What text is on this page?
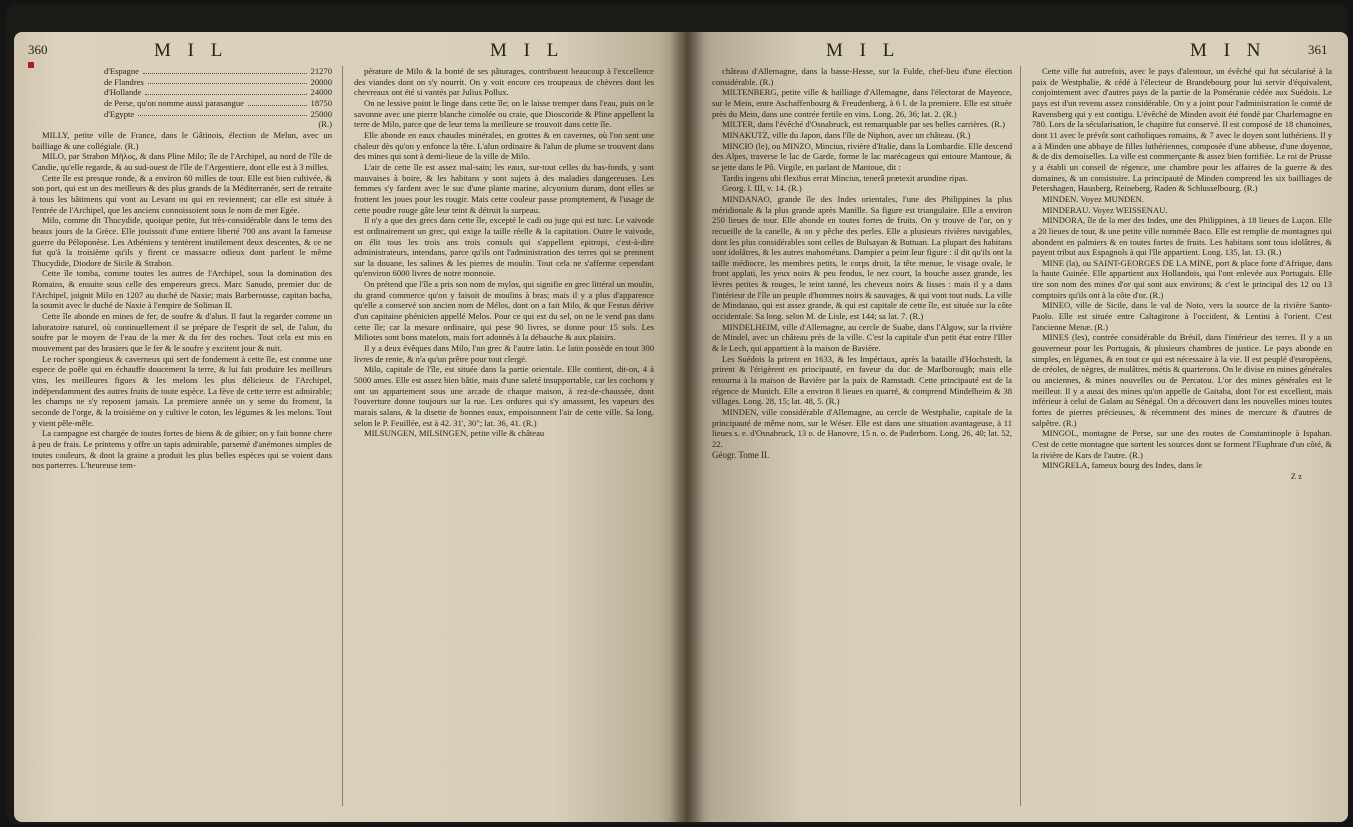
360	M I L	M I L
d'Espagne	21270
de Flandres	20000
d'Hollande	24000
de Perse, qu'on nomme aussi parasangue	18750
d'Egypte	25000
(R.)

MILLY, petite ville de France, dans le Gâtinois, élection de Melun, avec un bailliage & une collégiale. (R.)

MILO, par Strabon Μῆλος, & dans Pline Milo; île de l'Archipel, au nord de l'île de Candie, qu'elle regarde, & au sud-ouest de l'île de l'Argentiere, dont elle est à 3 milles.

Cette île est presque ronde, & a environ 60 milles de tour. Elle est bien cultivée, & son port, qui est un des meilleurs & des plus grands de la Méditerranée, sert de retraite à tous les bâtimens qui vont au Levant ou qui en reviennent; car elle est située à l'entrée de l'Archipel, que les anciens connoissoient sous le nom de mer Egée.

Milo, comme dit Thucydide, quoique petite, fut très-considérable dans le tems des beaux jours de la Grèce. Elle jouissoit d'une entiere liberté 700 ans avant la fameuse guerre du Péloponèse. Les Athéniens y tentèrent inutilement deux descentes, & ce ne fut qu'à la troisième qu'ils y firent ce massacre odieux dont parlent le même Thucydide, Diodore de Sicile & Strabon.

Cette île tomba, comme toutes les autres de l'Archipel, sous la domination des Romains, & ensuite sous celle des empereurs grecs. Marc Sanudo, premier duc de l'Archipel, joignit Milo en 1207 au duché de Naxie; mais Barberousse, capitan bacha, la soumit avec le duché de Naxie à l'empire de Soliman II.

Cette île abonde en mines de fer, de soufre & d'alun. Il faut la regarder comme un laboratoire naturel, où continuellement il se prépare de l'esprit de sel, de l'alun, du soufre par le moyen de l'eau de la mer & du fer des roches. Tout cela est mis en mouvement par des brasiers que le fer & le soufre y excitent jour & nuit.

Le rocher spongieux & caverneux qui sert de fondement à cette île, est comme une espece de poêle qui en échauffe doucement la terre, & lui fait produire les meilleurs vins, les meilleures figues & les melons les plus délicieux de l'Archipel, indépendamment des autres fruits de toute espèce. La fève de cette terre est admirable; les champs ne s'y reposent jamais. La premiere année on y seme du froment, la seconde de l'orge, & la troisième on y cultive le coton, les légumes & les melons. Tout y vient pêle-mêle.

La campagne est chargée de toutes fortes de biens & de gibier; on y fait bonne chere à peu de frais. Le printems y offre un tapis admirable, parsemé d'anémones simples de toutes couleurs, & dont la graine a produit les plus belles espèces qui se voient dans nos parterres. L'heureuse tem-

pérature de Milo & la bonté de ses pâturages, contribuent beaucoup à l'excellence des viandes dont on s'y nourrit. On y voit encore ces troupeaux de chèvres dont les chevreaux ont été si vantés par Julius Pollux.

On ne lessive point le linge dans cette île; on le laisse tremper dans l'eau, puis on le savonne avec une pierre blanche cimolée ou craie, que Dioscoride & Pline appellent la terre de Milo, parce que de leur tems la meilleure se trouvoit dans cette île.

Elle abonde en eaux chaudes minérales, en grottes & en cavernes, où l'on sent une chaleur dès qu'on y enfonce la tête. L'alun ordinaire & l'alun de plume se trouvent dans des mines qui sont à demi-lieue de la ville de Milo.

L'air de cette île est assez mal-sain; les eaux, sur-tout celles du bas-fonds, y sont mauvaises à boire, & les habitans y sont sujets à des maladies dangereuses. Les femmes s'y fardent avec le suc d'une plante marine, alcyonium durum, dont elles se frottent les joues pour les rougir. Mais cette couleur passe promptement, & l'usage de cette poudre rouge gâte leur teint & détruit la surpeau.

Il n'y a que des grecs dans cette île, excepté le cadi ou juge qui est turc. Le vaivode est ordinairement un grec, qui exige la taille réelle & la capitation. Outre le vaivode, on élit tous les trois ans trois consuls qui s'appellent epitropi, c'est-à-dire administrateurs, intendans, parce qu'ils ont l'administration des terres qui se prennent sur la douane, les salines & les pierres de moulin. Tout cela ne s'afferme cependant qu'environ 6000 livres de notre monnoie.

On prétend que l'île a pris son nom de mylos, qui signifie en grec littéral un moulin, du grand commerce qu'on y faisoit de moulins à bras; mais il y a plus d'apparence qu'elle a conservé son ancien nom de Mélos, dont on a fait Milo, & que Festus dérive d'un capitaine phénicien appellé Melos. Pour ce qui est du sel, on ne le vend pas dans cette île; car la mesure ordinaire, qui pese 90 livres, se donne pour 15 sols. Les Miliotes sont bons matelots, mais fort adonnés à la débauche & aux plaisirs.

Il y a deux évêques dans Milo, l'un grec & l'autre latin. Le latin possède en tout 300 livres de rente, & n'a qu'un prêtre pour tout clergé.

Milo, capitale de l'île, est située dans la partie orientale. Elle contient, dit-on, 4 à 5000 ames. Elle est assez bien bâtie, mais d'une saleté insupportable, car les cochons y ont un appartement sous une arcade de chaque maison, à rez-de-chaussée, dont l'ouverture donne toujours sur la rue. Les ordures qui s'y amassent, les vapeurs des marais salans, & la disette de bonnes eaux, empoisonnent l'air de cette ville. Sa long. selon le P. Feuillée, est à 42. 31', 30"; lat. 36, 41. (R.)

MILSUNGEN, MILSINGEN, petite ville & château

M I L	M I N	361

château d'Allemagne, dans la basse-Hesse, sur la Fulde, chef-lieu d'une élection considérable. (R.)

MILTENBERG, petite ville & bailliage d'Allemagne, dans l'électorat de Mayence, sur le Mein, entre Aschaffenbourg & Freudenberg, à 6 l. de la premiere. Elle est située près du Mein, dans une contrée fertile en vins. Long. 26, 36; lat. 2. (R.)

MILTER, dans l'évêché d'Osnabruck, est remarquable par ses belles carrières. (R.)

MINAKUTZ, ville du Japon, dans l'île de Niphon, avec un château. (R.)

MINCIO (le), ou MINZO, Mincius, rivière d'Italie, dans la Lombardie. Elle descend des Alpes, traverse le lac de Garde, forme le lac marécageux qui entoure Mantoue, & se jette dans le Pô. Virgile, en parlant de Mantoue, dit :

Tardis ingens ubi flexibus errat Mincius, tenerâ prætexit arundine ripas.

Georg. l. III, v. 14. (R.)

MINDANAO, grande île des Indes orientales, l'une des Philippines la plus méridionale & la plus grande après Manille. Sa figure est triangulaire. Elle a environ 250 lieues de tour. Elle abonde en toutes fortes de fruits. On y trouve de l'or, on y recueille de la canelle, & on y pêche des perles. Elle a plusieurs rivières navigables, dont les plus considérables sont celles de Bulsayan & Buttuan. La plupart des habitans sont idolâtres, & les autres mahométans. Dampier a peint leur figure : il dit qu'ils ont la taille médiocre, les membres petits, le corps droit, la tête menue, le visage ovale, le front applati, les yeux noirs & peu fendus, le nez court, la bouche assez grande, les lèvres petites & rouges, le teint tanné, les cheveux noirs & lisses : mais il y a dans l'intérieur de l'île un peuple d'hommes noirs & sauvages, & qui vont tout nuds. La ville de Mindanao, qui est assez grande, & qui est capitale de cette île, est située sur la côte occidentale. Sa long. selon M. de Lisle, est 144; sa lat. 7. (R.)

MINDELHEIM, ville d'Allemagne, au cercle de Suabe, dans l'Algow, sur la rivière de Mindel, avec un château près de la ville. C'est la capitale d'un petit état entre l'Iller & le Lech, qui appartient à la maison de Bavière.

Les Suédois la prirent en 1633, & les Impériaux, après la bataille d'Hochstedt, la prirent & l'érigèrent en principauté, en faveur du duc de Marlborough; mais elle retourna à la maison de Bavière par la paix de Ramstadt. Cette principauté est de la régence de Munich. Elle a environ 8 lieues en quarré, & comprend Mindelheim & 38 villages. Long. 28, 15; lat. 48, 5. (R.)

MINDEN, ville considérable d'Allemagne, au cercle de Westphalie, capitale de la principauté de même nom, sur le Wéser. Elle est dans une situation avantageuse, à 11 lieues s. e. d'Osnabruck, 13 o. de Hanovre, 15 n. o. de Paderborn. Long. 26, 40; lat. 52, 22.

Géogr. Tome II.

Cette ville fut autrefois, avec le pays d'alentour, un évêché qui fut sécularisé à la paix de Westphalie, & cédé à l'électeur de Brandebourg pour lui servir d'équivalent, conjointement avec d'autres pays de la partie de la Poméranie cédée aux Suédois. Le pays est d'un revenu assez considérable. On y a joint pour l'administration le comté de Ravensberg qui y est contigu. L'évêché de Minden avoit été fondé par Charlemagne en 780. Lors de la sécularisation, le chapitre fut conservé. Il est composé de 18 chanoines, dont 11 avec le prévôt sont catholiques romains, & 7 avec le doyen sont luthériens. Il y a à Minden une abbaye de filles luthériennes, composée d'une abbesse, d'une doyenne, & de dix demoiselles. La ville est commerçante & assez bien fortifiée. Le roi de Prusse y a établi un conseil de régence, une chambre pour les affaires de la guerre & des domaines, & un consistoire. La principauté de Minden comprend les six bailliages de Petershagen, Hausberg, Reineberg, Raden & Schlusselbourg. (R.)

MINDEN. Voyez MUNDEN.

MINDERAU. Voyez WEISSENAU.

MINDORA, île de la mer des Indes, une des Philippines, à 18 lieues de Luçon. Elle a 20 lieues de tour, & une petite ville nommée Baco. Elle est remplie de montagnes qui abondent en palmiers & en toutes fortes de fruits. Les habitans sont tous idolâtres, & payent tribut aux Espagnols à qui l'île appartient. Long. 135, lat. 13. (R.)

MINE (la), ou SAINT-GEORGES DE LA MINE, port & place forte d'Afrique, dans la haute Guinée. Elle appartient aux Hollandois, qui l'ont enlevée aux Portugais. Elle tire son nom des mines d'or qui sont aux environs; & c'est le principal des 12 ou 13 comptoirs qu'ils ont à la côte d'or. (R.)

MINEO, ville de Sicile, dans le val de Noto, vers la source de la rivière Santo-Paolo. Elle est située entre Caltagirone à l'occident, & Lentini à l'orient. C'est l'ancienne Menæ. (R.)

MINES (les), contrée considérable du Brésil, dans l'intérieur des terres. Il y a un gouverneur pour les Portugais, & plusieurs chambres de justice. Le pays abonde en simples, en légumes, & en tout ce qui est nécessaire à la vie. Il est peuplé d'européens, de créoles, de nègres, de mulâtres, métis & quarterons. On le divise en mines générales ou anciennes, & mines nouvelles ou de Percatou. L'or des mines générales est le meilleur. Il y a aussi des mines qu'on appelle de Gaitaba, dont l'or est excellent, mais inférieur à celui de Galam au Sénégal. On a découvert dans les nouvelles mines toutes fortes de pierres précieuses, & récemment des mines de mercure & d'autres de salpêtre. (R.)

MINGOL, montagne de Perse, sur une des routes de Constantinople à Ispahan. C'est de cette montagne que sortent les sources dont se forment l'Euphrate d'un côté, & la rivière de Kars de l'autre. (R.)

MINGRELA, fameux bourg des Indes, dans le

Z z
